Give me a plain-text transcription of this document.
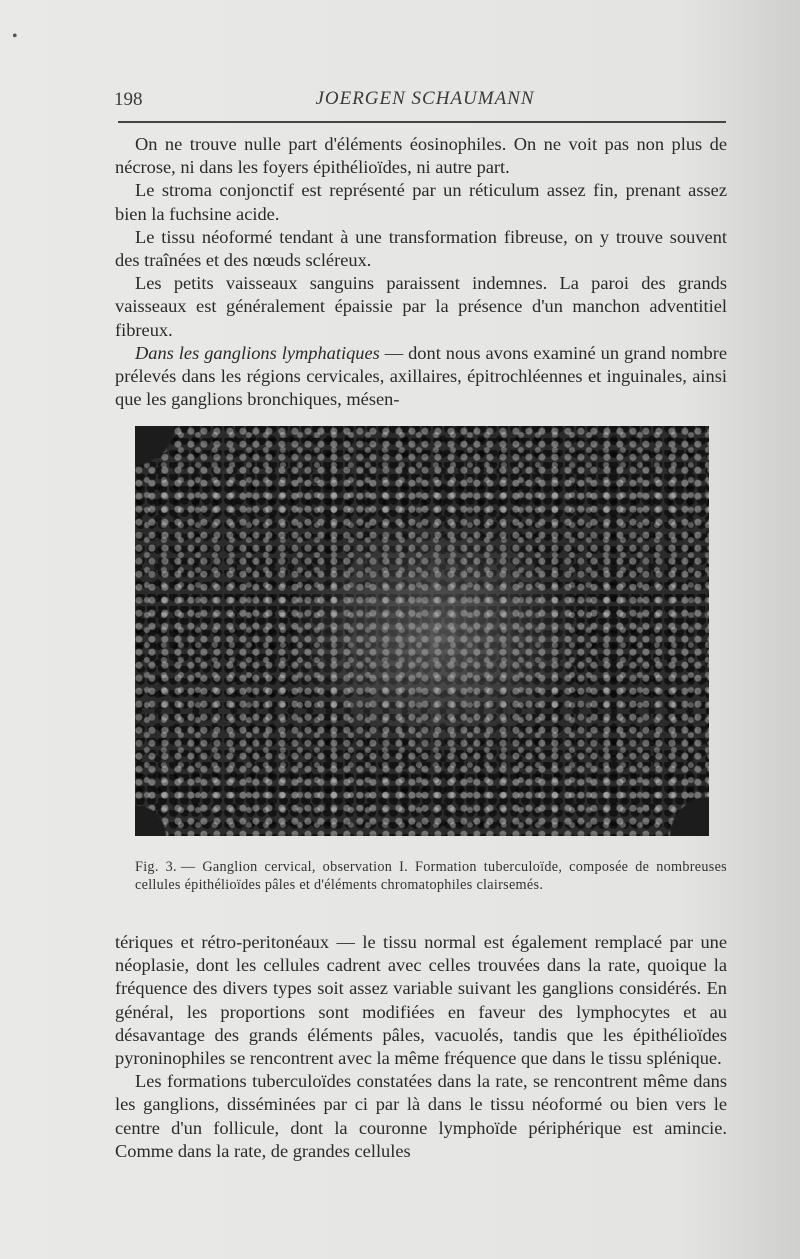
•
198	JOERGEN SCHAUMANN

On ne trouve nulle part d'éléments éosinophiles. On ne voit pas non plus de nécrose, ni dans les foyers épithélioïdes, ni autre part.

Le stroma conjonctif est représenté par un réticulum assez fin, prenant assez bien la fuchsine acide.

Le tissu néoformé tendant à une transformation fibreuse, on y trouve souvent des traînées et des nœuds scléreux.

Les petits vaisseaux sanguins paraissent indemnes. La paroi des grands vaisseaux est généralement épaissie par la présence d'un manchon adventitiel fibreux.

Dans les ganglions lymphatiques — dont nous avons examiné un grand nombre prélevés dans les régions cervicales, axillaires, épitrochléennes et inguinales, ainsi que les ganglions bronchiques, mésen-

Fig. 3. — Ganglion cervical, observation I. Formation tuberculoïde, composée de nombreuses cellules épithélioïdes pâles et d'éléments chromatophiles clairsemés.

tériques et rétro-peritonéaux — le tissu normal est également remplacé par une néoplasie, dont les cellules cadrent avec celles trouvées dans la rate, quoique la fréquence des divers types soit assez variable suivant les ganglions considérés. En général, les proportions sont modifiées en faveur des lymphocytes et au désavantage des grands éléments pâles, vacuolés, tandis que les épithélioïdes pyroninophiles se rencontrent avec la même fréquence que dans le tissu splénique.

Les formations tuberculoïdes constatées dans la rate, se rencontrent même dans les ganglions, disséminées par ci par là dans le tissu néoformé ou bien vers le centre d'un follicule, dont la couronne lymphoïde périphérique est amincie. Comme dans la rate, de grandes cellules
